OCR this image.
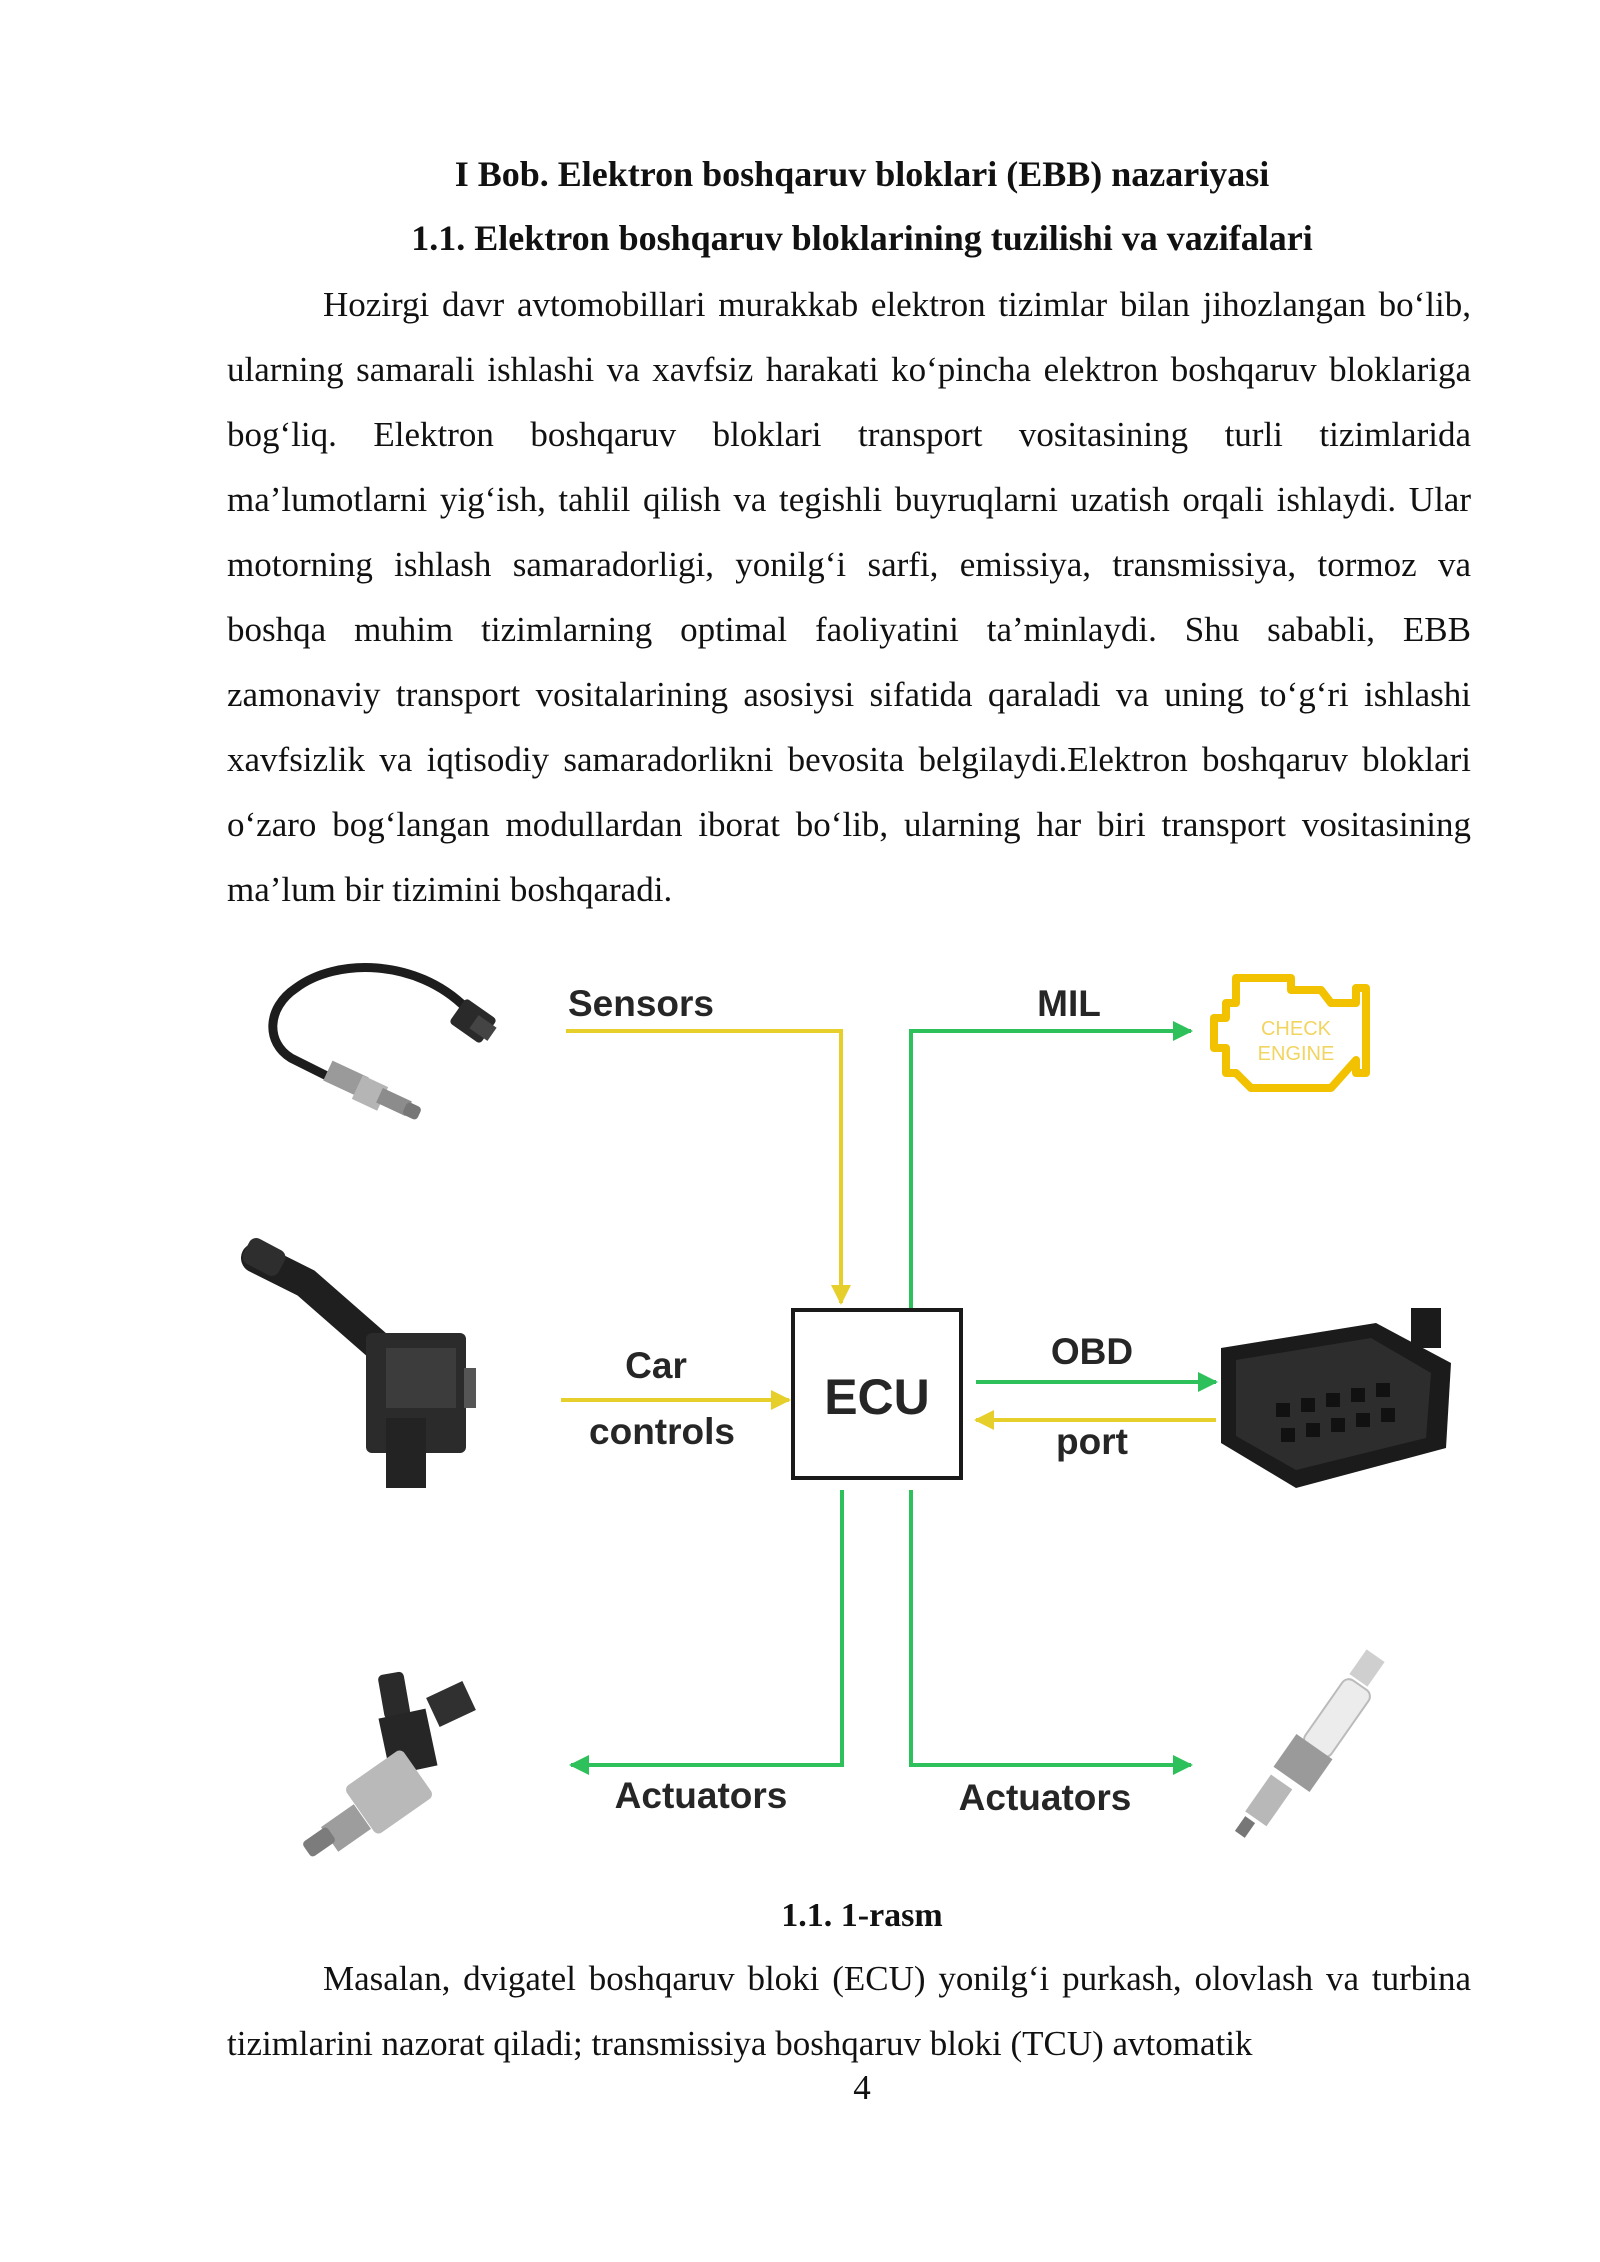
I Bob. Elektron boshqaruv bloklari (EBB) nazariyasi
1.1. Elektron boshqaruv bloklarining tuzilishi va vazifalari

Hozirgi davr avtomobillari murakkab elektron tizimlar bilan jihozlangan bo‘lib, ularning samarali ishlashi va xavfsiz harakati ko‘pincha elektron boshqaruv bloklariga bog‘liq. Elektron boshqaruv bloklari transport vositasining turli tizimlarida ma’lumotlarni yig‘ish, tahlil qilish va tegishli buyruqlarni uzatish orqali ishlaydi. Ular motorning ishlash samaradorligi, yonilg‘i sarfi, emissiya, transmissiya, tormoz va boshqa muhim tizimlarning optimal faoliyatini ta’minlaydi. Shu sababli, EBB zamonaviy transport vositalarining asosiysi sifatida qaraladi va uning to‘g‘ri ishlashi xavfsizlik va iqtisodiy samaradorlikni bevosita belgilaydi.Elektron boshqaruv bloklari o‘zaro bog‘langan modullardan iborat bo‘lib, ularning har biri transport vositasining ma’lum bir tizimini boshqaradi.

ECU
Sensors	MIL
Car
controls
OBD
port
Actuators	Actuators
CHECK
ENGINE
1.1. 1-rasm

Masalan, dvigatel boshqaruv bloki (ECU) yonilg‘i purkash, olovlash va turbina tizimlarini nazorat qiladi; transmissiya boshqaruv bloki (TCU) avtomatik

4
